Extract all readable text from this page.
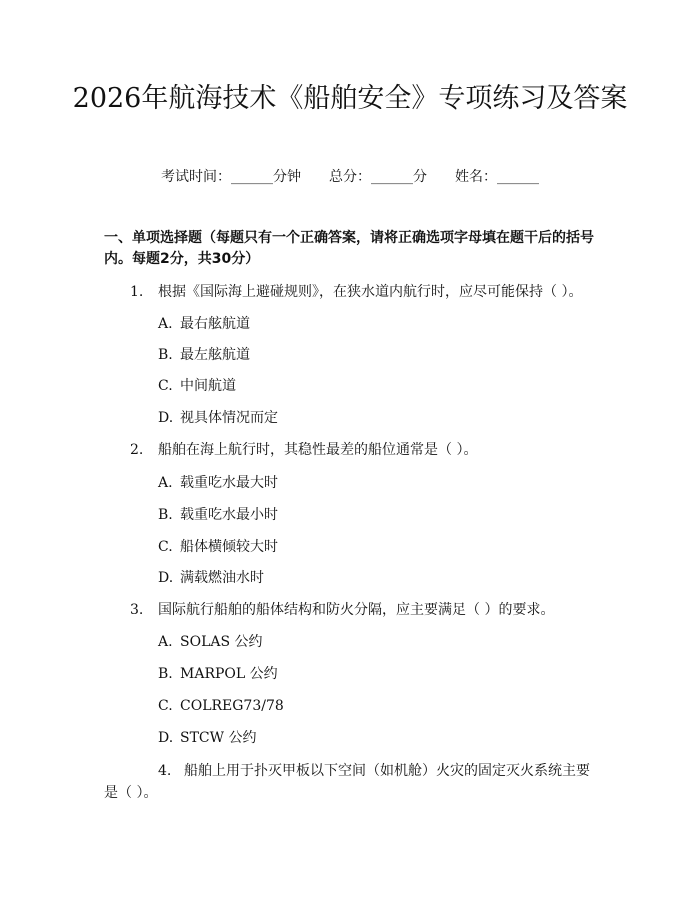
2026年航海技术《船舶安全》专项练习及答案
考试时间：______分钟 总分：______分 姓名：______

一、单项选择题（每题只有一个正确答案，请将正确选项字母填在题干后的括号内。每题2分，共30分）

1. 根据《国际海上避碰规则》，在狭水道内航行时，应尽可能保持（ ）。
A. 最右舷航道
B. 最左舷航道
C. 中间航道
D. 视具体情况而定
2. 船舶在海上航行时，其稳性最差的船位通常是（ ）。
A. 载重吃水最大时
B. 载重吃水最小时
C. 船体横倾较大时
D. 满载燃油水时
3. 国际航行船舶的船体结构和防火分隔，应主要满足（ ）的要求。
A. SOLAS 公约
B. MARPOL 公约
C. COLREG73/78
D. STCW 公约

4. 船舶上用于扑灭甲板以下空间（如机舱）火灾的固定灭火系统主要是（ ）。
